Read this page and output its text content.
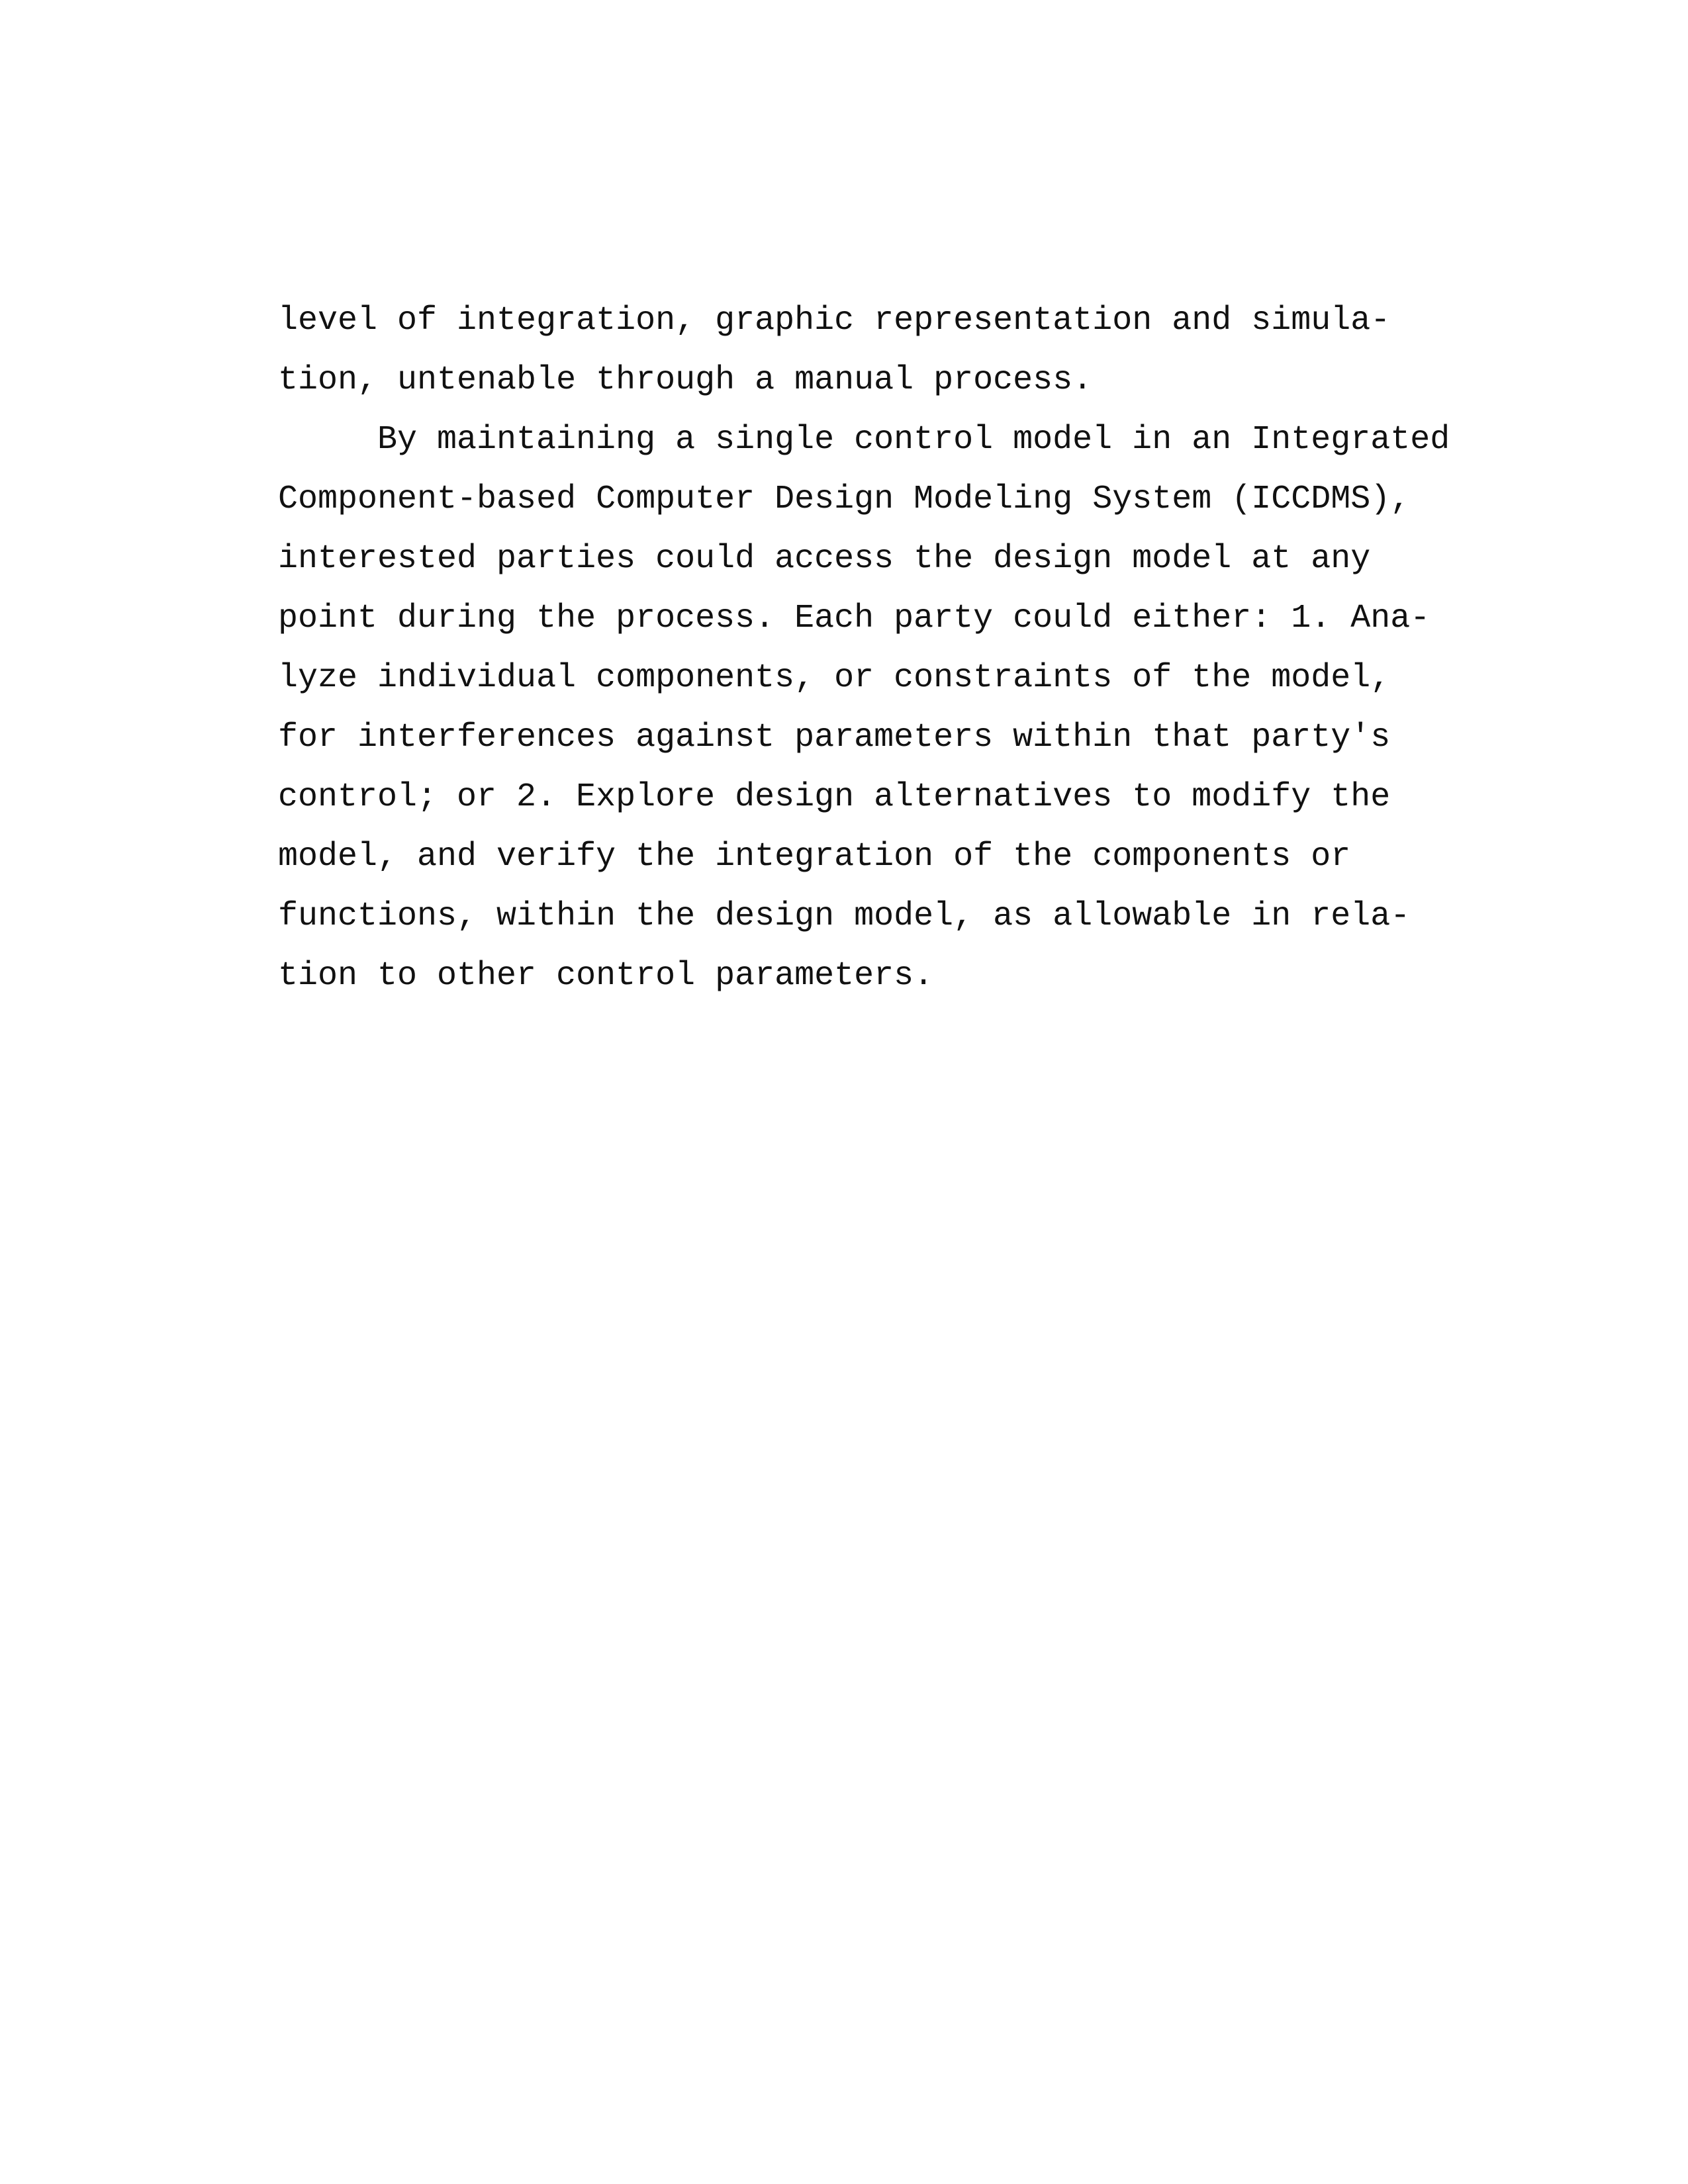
level of integration, graphic representation and simula-
tion, untenable through a manual process.
By maintaining a single control model in an Integrated
Component-based Computer Design Modeling System (ICCDMS),
interested parties could access the design model at any
point during the process. Each party could either: 1. Ana-
lyze individual components, or constraints of the model,
for interferences against parameters within that party's
control; or 2. Explore design alternatives to modify the
model, and verify the integration of the components or
functions, within the design model, as allowable in rela-
tion to other control parameters.
